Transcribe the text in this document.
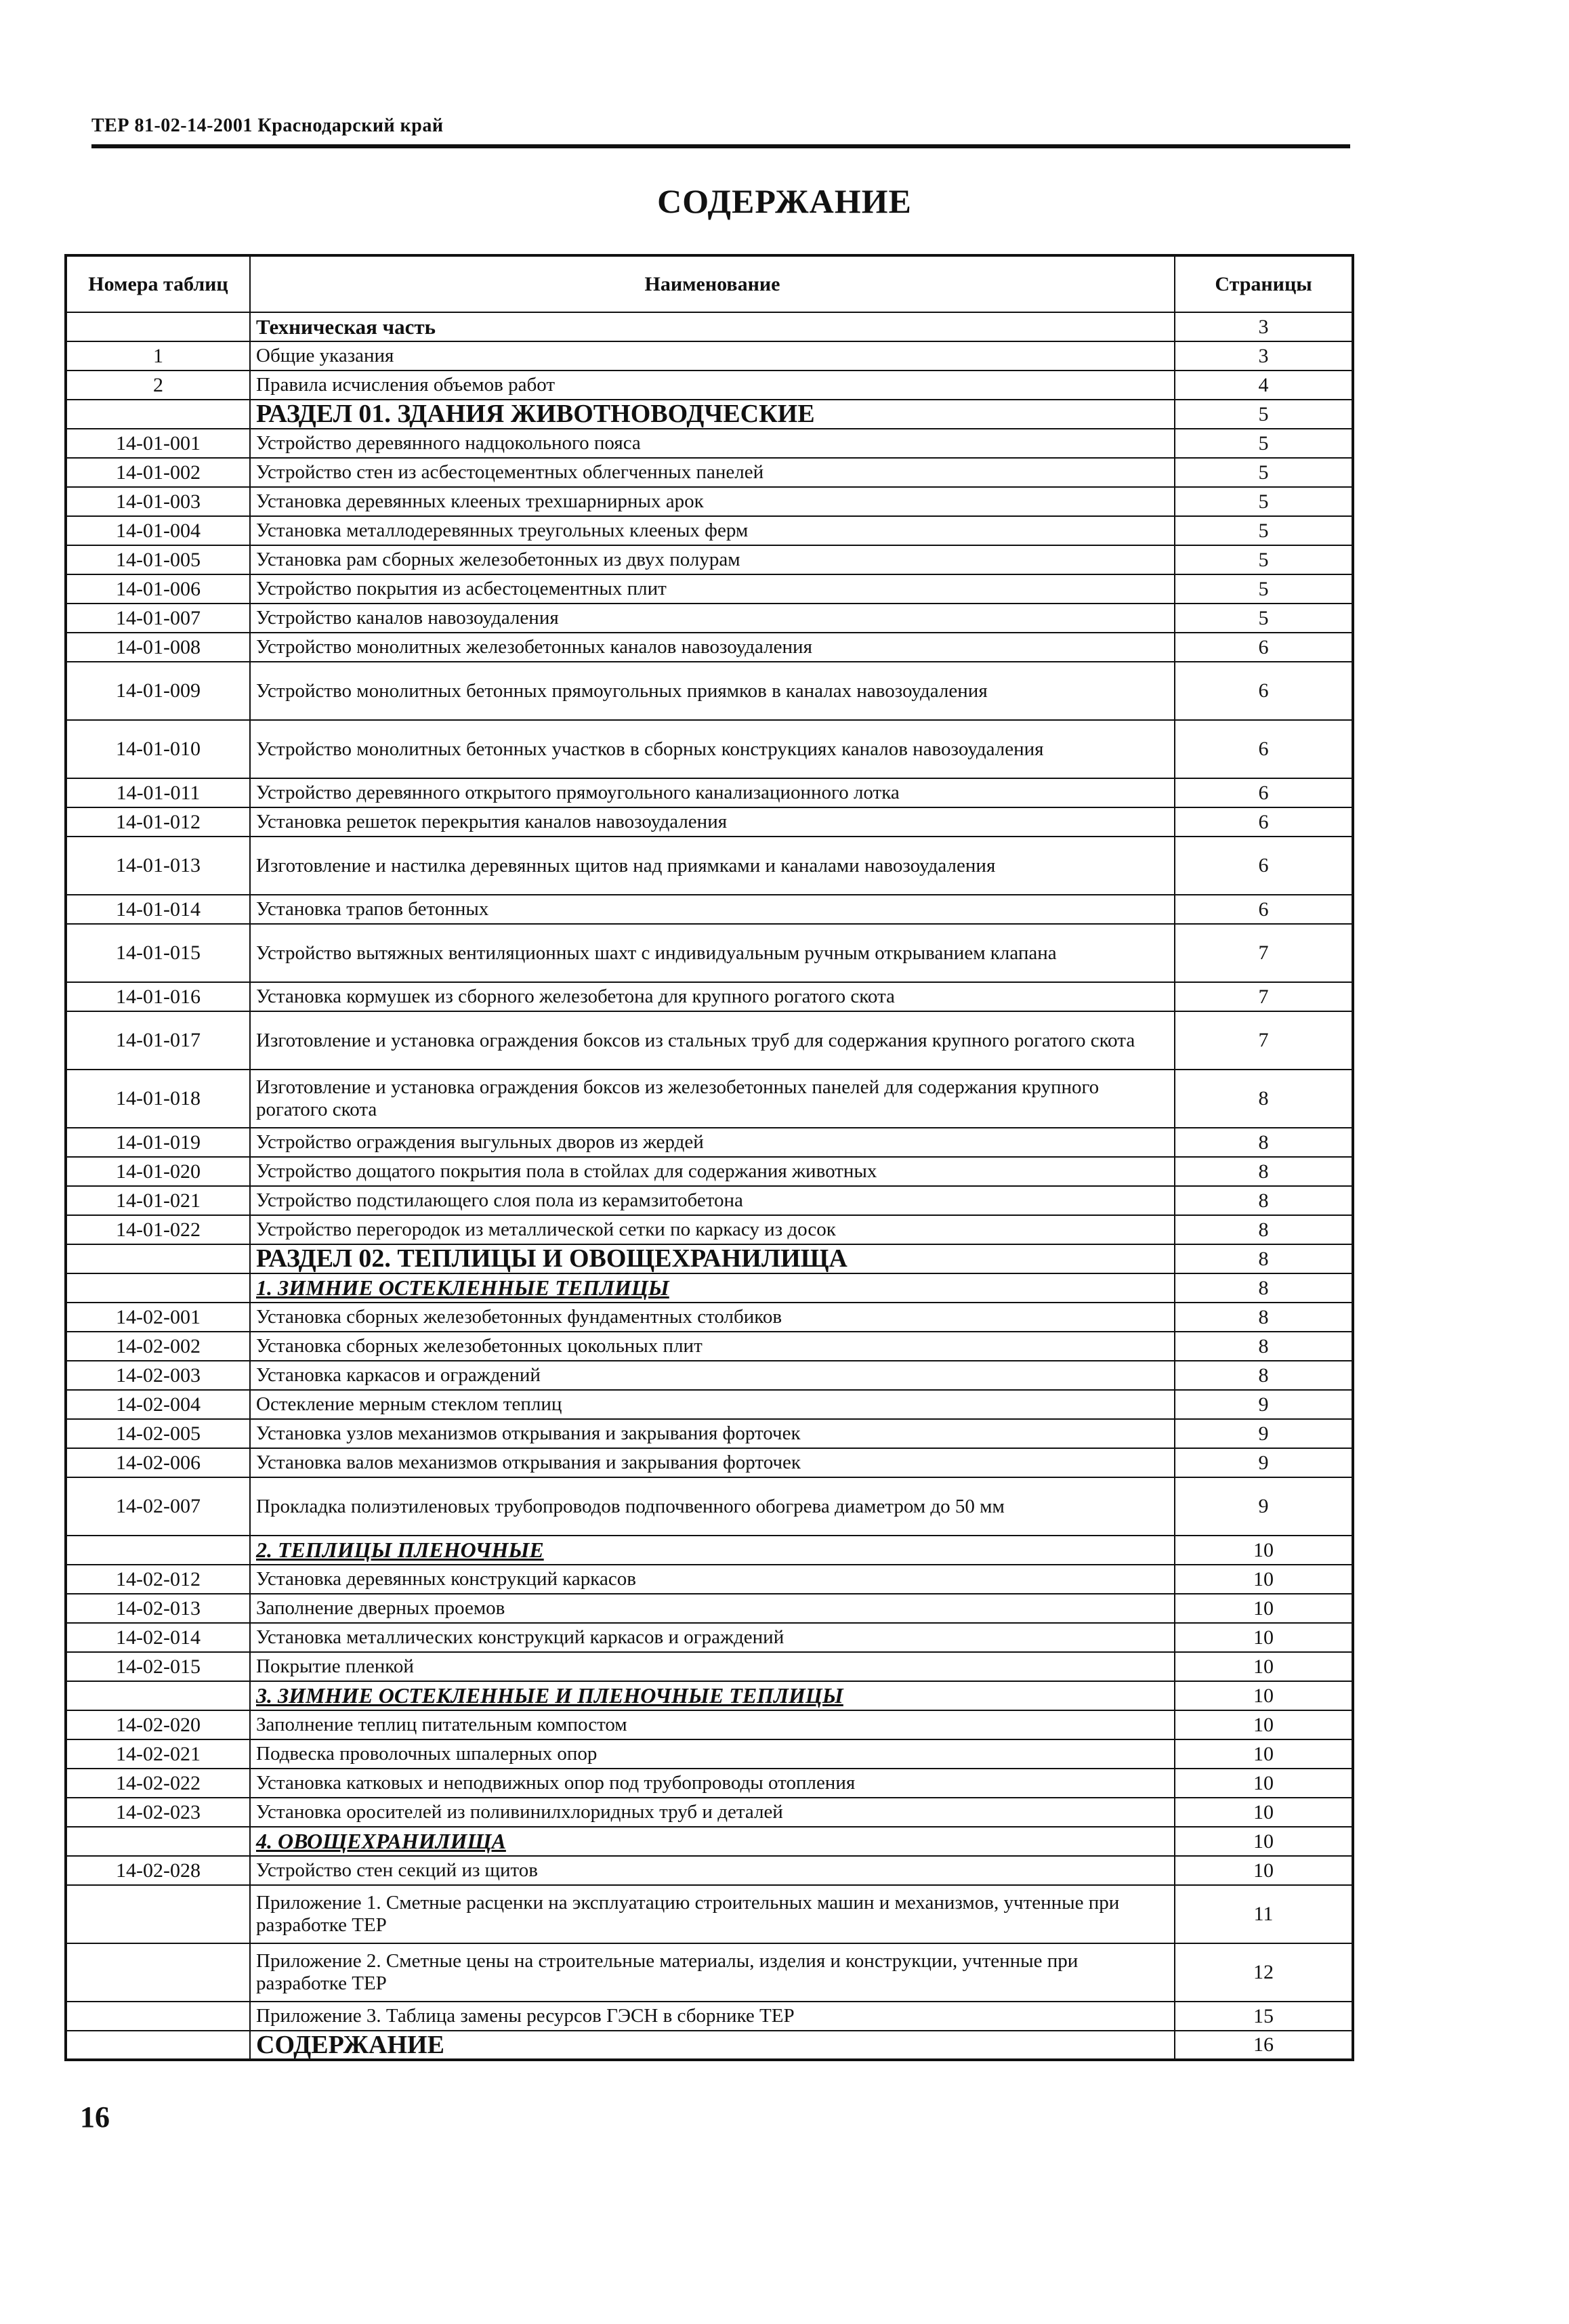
ТЕР 81-02-14-2001 Краснодарский край
СОДЕРЖАНИЕ
Номера таблиц	Наименование	Страницы
	Техническая часть	3
1	Общие указания	3
2	Правила исчисления объемов работ	4
	РАЗДЕЛ 01. ЗДАНИЯ ЖИВОТНОВОДЧЕСКИЕ	5
14-01-001	Устройство деревянного надцокольного пояса	5
14-01-002	Устройство стен из асбестоцементных облегченных панелей	5
14-01-003	Установка деревянных клееных трехшарнирных арок	5
14-01-004	Установка металлодеревянных треугольных клееных ферм	5
14-01-005	Установка рам сборных железобетонных из двух полурам	5
14-01-006	Устройство покрытия из асбестоцементных плит	5
14-01-007	Устройство каналов навозоудаления	5
14-01-008	Устройство монолитных железобетонных каналов навозоудаления	6
14-01-009	Устройство монолитных бетонных прямоугольных приямков в каналах навозоудаления	6
14-01-010	Устройство монолитных бетонных участков в сборных конструкциях каналов навозоудаления	6
14-01-011	Устройство деревянного открытого прямоугольного канализационного лотка	6
14-01-012	Установка решеток перекрытия каналов навозоудаления	6
14-01-013	Изготовление и настилка деревянных щитов над приямками и каналами навозоудаления	6
14-01-014	Установка трапов бетонных	6
14-01-015	Устройство вытяжных вентиляционных шахт с индивидуальным ручным открыванием клапана	7
14-01-016	Установка кормушек из сборного железобетона для крупного рогатого скота	7
14-01-017	Изготовление и установка ограждения боксов из стальных труб для содержания крупного рогатого скота	7
14-01-018	Изготовление и установка ограждения боксов из железобетонных панелей для содержания крупного рогатого скота	8
14-01-019	Устройство ограждения выгульных дворов из жердей	8
14-01-020	Устройство дощатого покрытия пола в стойлах для содержания животных	8
14-01-021	Устройство подстилающего слоя пола из керамзитобетона	8
14-01-022	Устройство перегородок из металлической сетки по каркасу из досок	8
	РАЗДЕЛ 02. ТЕПЛИЦЫ И ОВОЩЕХРАНИЛИЩА	8
	1. ЗИМНИЕ ОСТЕКЛЕННЫЕ ТЕПЛИЦЫ	8
14-02-001	Установка сборных железобетонных фундаментных столбиков	8
14-02-002	Установка сборных железобетонных цокольных плит	8
14-02-003	Установка каркасов и ограждений	8
14-02-004	Остекление мерным стеклом теплиц	9
14-02-005	Установка узлов механизмов открывания и закрывания форточек	9
14-02-006	Установка валов механизмов открывания и закрывания форточек	9
14-02-007	Прокладка полиэтиленовых трубопроводов подпочвенного обогрева диаметром до 50 мм	9
	2. ТЕПЛИЦЫ ПЛЕНОЧНЫЕ	10
14-02-012	Установка деревянных конструкций каркасов	10
14-02-013	Заполнение дверных проемов	10
14-02-014	Установка металлических конструкций каркасов и ограждений	10
14-02-015	Покрытие пленкой	10
	3. ЗИМНИЕ ОСТЕКЛЕННЫЕ И ПЛЕНОЧНЫЕ ТЕПЛИЦЫ	10
14-02-020	Заполнение теплиц питательным компостом	10
14-02-021	Подвеска проволочных шпалерных опор	10
14-02-022	Установка катковых и неподвижных опор под трубопроводы отопления	10
14-02-023	Установка оросителей из поливинилхлоридных труб и деталей	10
	4. ОВОЩЕХРАНИЛИЩА	10
14-02-028	Устройство стен секций из щитов	10
	Приложение 1. Сметные расценки на эксплуатацию строительных машин и механизмов, учтенные при разработке ТЕР	11
	Приложение 2. Сметные цены на строительные материалы, изделия и конструкции, учтенные при разработке ТЕР	12
	Приложение 3. Таблица замены ресурсов ГЭСН в сборнике ТЕР	15
	СОДЕРЖАНИЕ	16
16
